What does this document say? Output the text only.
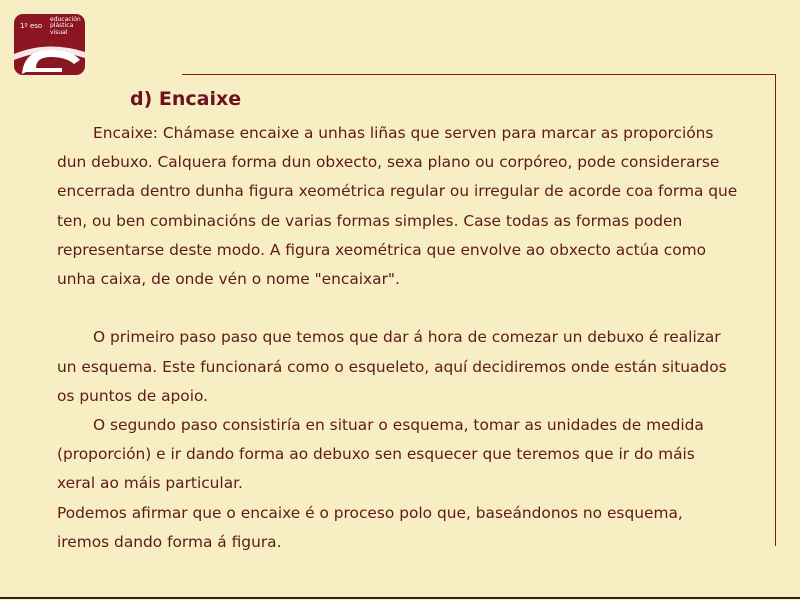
1º eso
educación
plástica
visual
d) Encaixe
Encaixe: Chámase encaixe a unhas liñas que serven para marcar as proporcións
dun debuxo. Calquera forma dun obxecto, sexa plano ou corpóreo, pode considerarse
encerrada dentro dunha figura xeométrica regular ou irregular de acorde coa forma que
ten, ou ben combinacións de varias formas simples. Case todas as formas poden
representarse deste modo. A figura xeométrica que envolve ao obxecto actúa como
unha caixa, de onde vén o nome "encaixar".
O primeiro paso paso que temos que dar á hora de comezar un debuxo é realizar
un esquema. Este funcionará como o esqueleto, aquí decidiremos onde están situados
os puntos de apoio.
O segundo paso consistiría en situar o esquema, tomar as unidades de medida
(proporción) e ir dando forma ao debuxo sen esquecer que teremos que ir do máis
xeral ao máis particular.
Podemos afirmar que o encaixe é o proceso polo que, baseándonos no esquema,
iremos dando forma á figura.
